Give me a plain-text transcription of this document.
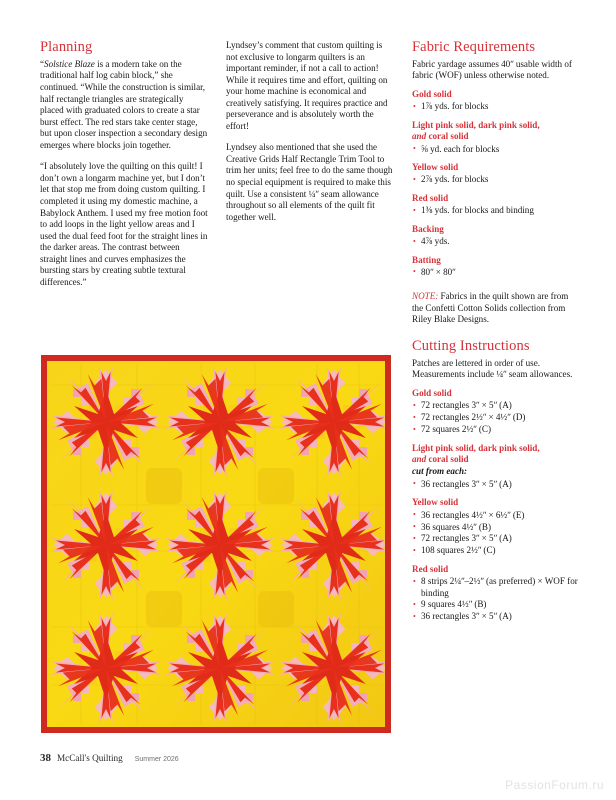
Planning

“Solstice Blaze is a modern take on the traditional half log cabin block,” she continued. “While the construction is similar, half rectangle triangles are strategically placed with graduated colors to create a star burst effect. The red stars take center stage, but upon closer inspection a secondary design emerges where blocks join together.

“I absolutely love the quilting on this quilt! I don’t own a longarm machine yet, but I don’t let that stop me from doing custom quilting. I completed it using my domestic machine, a Babylock Anthem. I used my free motion foot to add loops in the light yellow areas and I used the dual feed foot for the straight lines in the darker areas. The contrast between straight lines and curves emphasizes the bursting stars by creating subtle textural differences.”

Lyndsey’s comment that custom quilting is not exclusive to longarm quilters is an important reminder, if not a call to action! While it requires time and effort, quilting on your home machine is economical and creatively satisfying. It requires practice and perseverance and is absolutely worth the effort!

Lyndsey also mentioned that she used the Creative Grids Half Rectangle Trim Tool to trim her units; feel free to do the same though no special equipment is required to make this quilt. Use a consistent ¼ʺ seam allowance throughout so all elements of the quilt fit together well.

Fabric Requirements

Fabric yardage assumes 40ʺ usable width of fabric (WOF) unless otherwise noted.

Gold solid
• 1⅞ yds. for blocks
Light pink solid, dark pink solid,
and coral solid
• ⅝ yd. each for blocks
Yellow solid
• 2⅞ yds. for blocks
Red solid
• 1⅜ yds. for blocks and binding
Backing
• 4⅞ yds.
Batting
• 80ʺ × 80ʺ

NOTE: Fabrics in the quilt shown are from the Confetti Cotton Solids collection from Riley Blake Designs.

Cutting Instructions

Patches are lettered in order of use. Measurements include ¼ʺ seam allowances.

Gold solid
• 72 rectangles 3ʺ × 5ʺ (A)
• 72 rectangles 2½ʺ × 4½ʺ (D)
• 72 squares 2½ʺ (C)
Light pink solid, dark pink solid,
and coral solid
cut from each:
• 36 rectangles 3ʺ × 5ʺ (A)
Yellow solid
• 36 rectangles 4½ʺ × 6½ʺ (E)
• 36 squares 4½ʺ (B)
• 72 rectangles 3ʺ × 5ʺ (A)
• 108 squares 2½ʺ (C)
Red solid
• 8 strips 2¼ʺ–2½ʺ (as preferred) × WOF for binding
• 9 squares 4½ʺ (B)
• 36 rectangles 3ʺ × 5ʺ (A)
38 McCall's Quilting Summer 2026
PassionForum.ru
